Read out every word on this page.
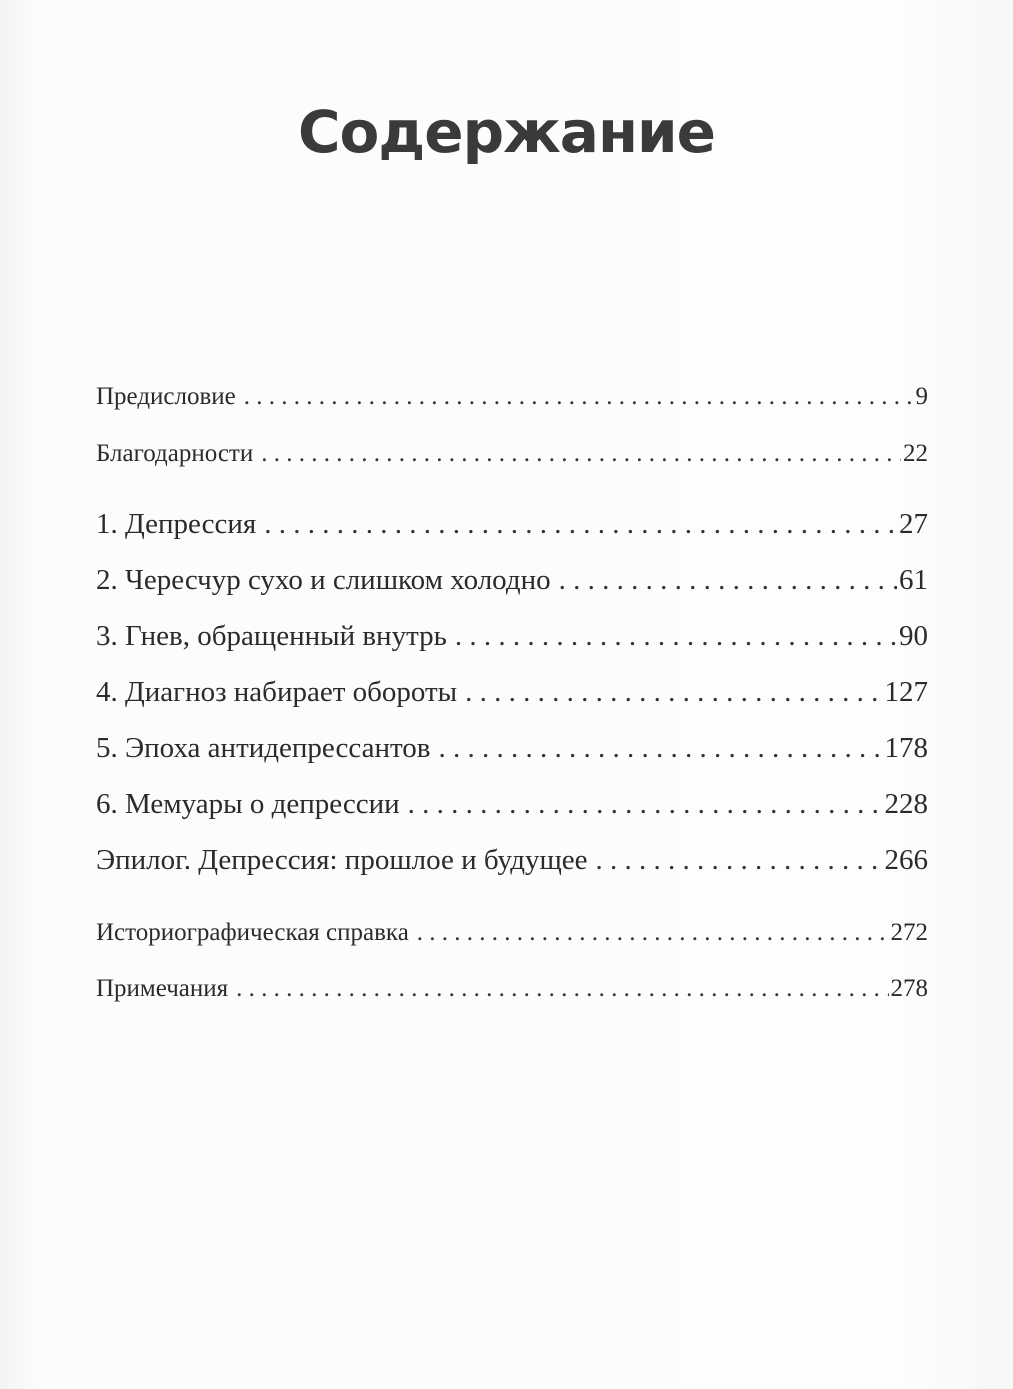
Содержание
Предисловие . . .	9
Благодарности . . .	22
1. Депрессия . . .	27
2. Чересчур сухо и слишком холодно . . .	61
3. Гнев, обращенный внутрь . . .	90
4. Диагноз набирает обороты . . .	127
5. Эпоха антидепрессантов . . .	178
6. Мемуары о депрессии . . .	228
Эпилог. Депрессия: прошлое и будущее . . .	266
Историографическая справка . . .	272
Примечания . . .	278
